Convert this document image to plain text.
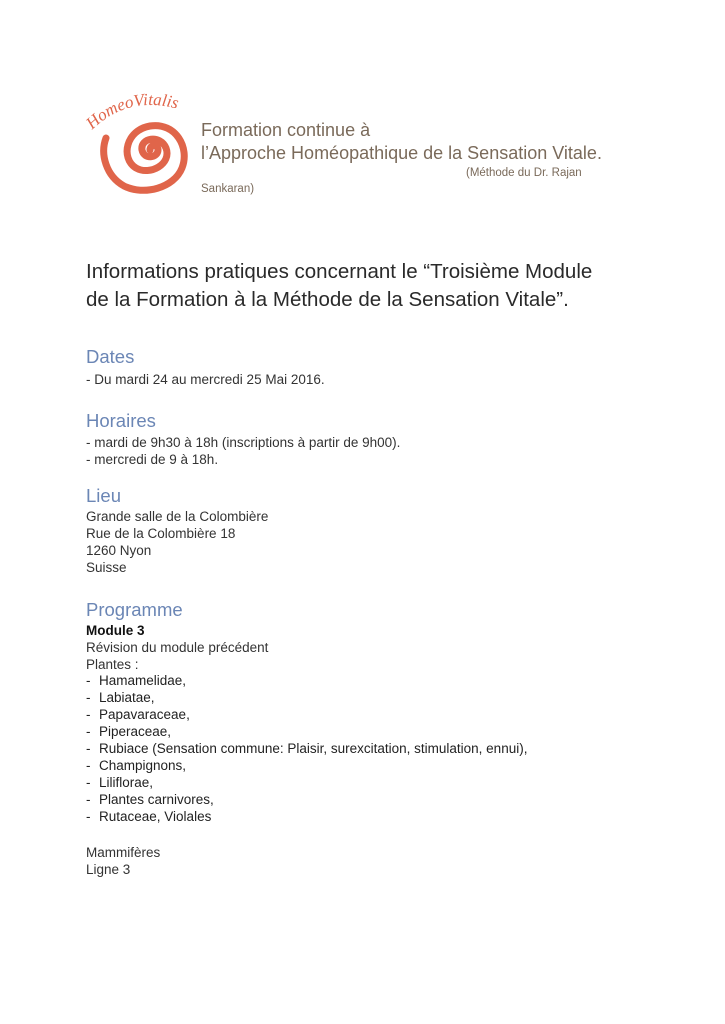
HomeoVitalis
Formation continue à
l’Approche Homéopathique de la Sensation Vitale.
(Méthode du Dr. Rajan
Sankaran)
Informations pratiques concernant le “Troisième Module
de la Formation à la Méthode de la Sensation Vitale”.
Dates
- Du mardi 24 au mercredi 25 Mai 2016.
Horaires
- mardi de 9h30 à 18h (inscriptions à partir de 9h00).
- mercredi de 9 à 18h.
Lieu
Grande salle de la Colombière
Rue de la Colombière 18
1260 Nyon
Suisse
Programme
Module 3
Révision du module précédent
Plantes :
- Hamamelidae,
- Labiatae,
- Papavaraceae,
- Piperaceae,
- Rubiace (Sensation commune: Plaisir, surexcitation, stimulation, ennui),
- Champignons,
- Liliflorae,
- Plantes carnivores,
- Rutaceae, Violales
Mammifères
Ligne 3
